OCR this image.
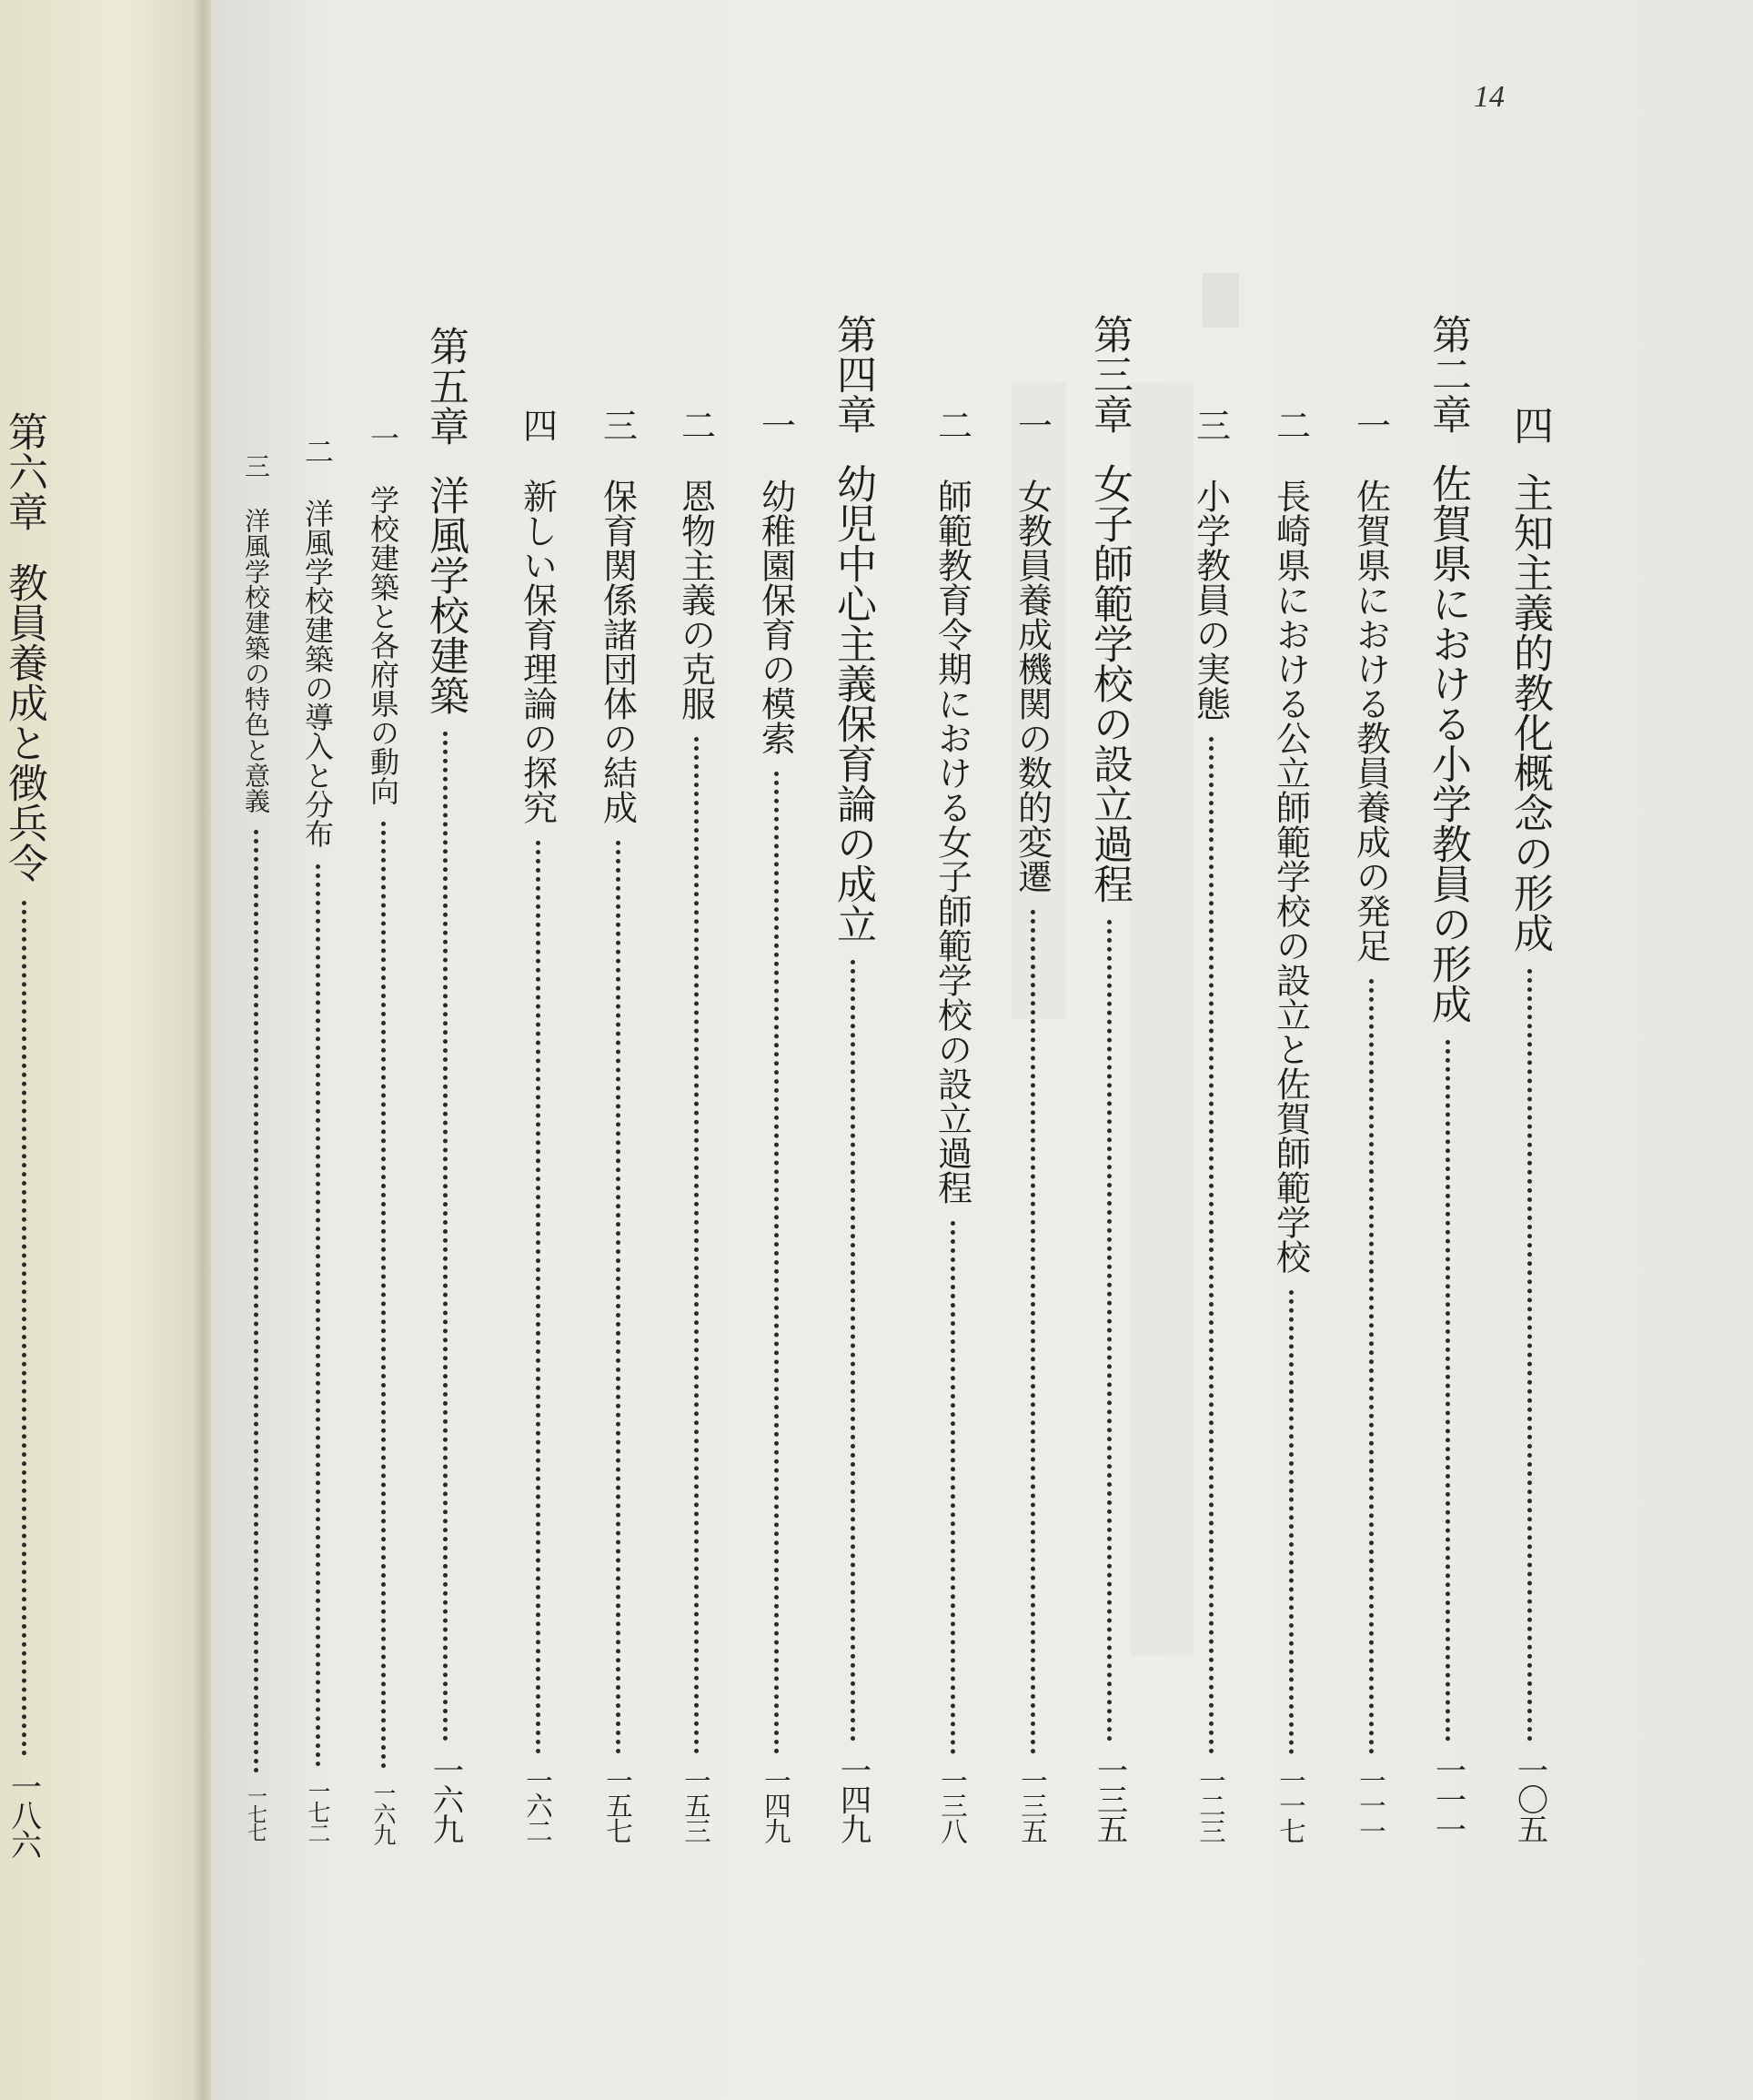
第六章
教員養成と徴兵令
一八六
14
四
主知主義的教化概念の形成
一〇五
第二章
佐賀県における小学教員の形成
一一一
一
佐賀県における教員養成の発足
一一一
二
長崎県における公立師範学校の設立と佐賀師範学校
一一七
三
小学教員の実態
一二三
第三章
女子師範学校の設立過程
一三五
一
女教員養成機関の数的変遷
一三五
二
師範教育令期における女子師範学校の設立過程
一三八
第四章
幼児中心主義保育論の成立
一四九
一
幼稚園保育の模索
一四九
二
恩物主義の克服
一五三
三
保育関係諸団体の結成
一五七
四
新しい保育理論の探究
一六二
第五章
洋風学校建築
一六九
一
学校建築と各府県の動向
一六九
二
洋風学校建築の導入と分布
一七二
三
洋風学校建築の特色と意義
一七七
